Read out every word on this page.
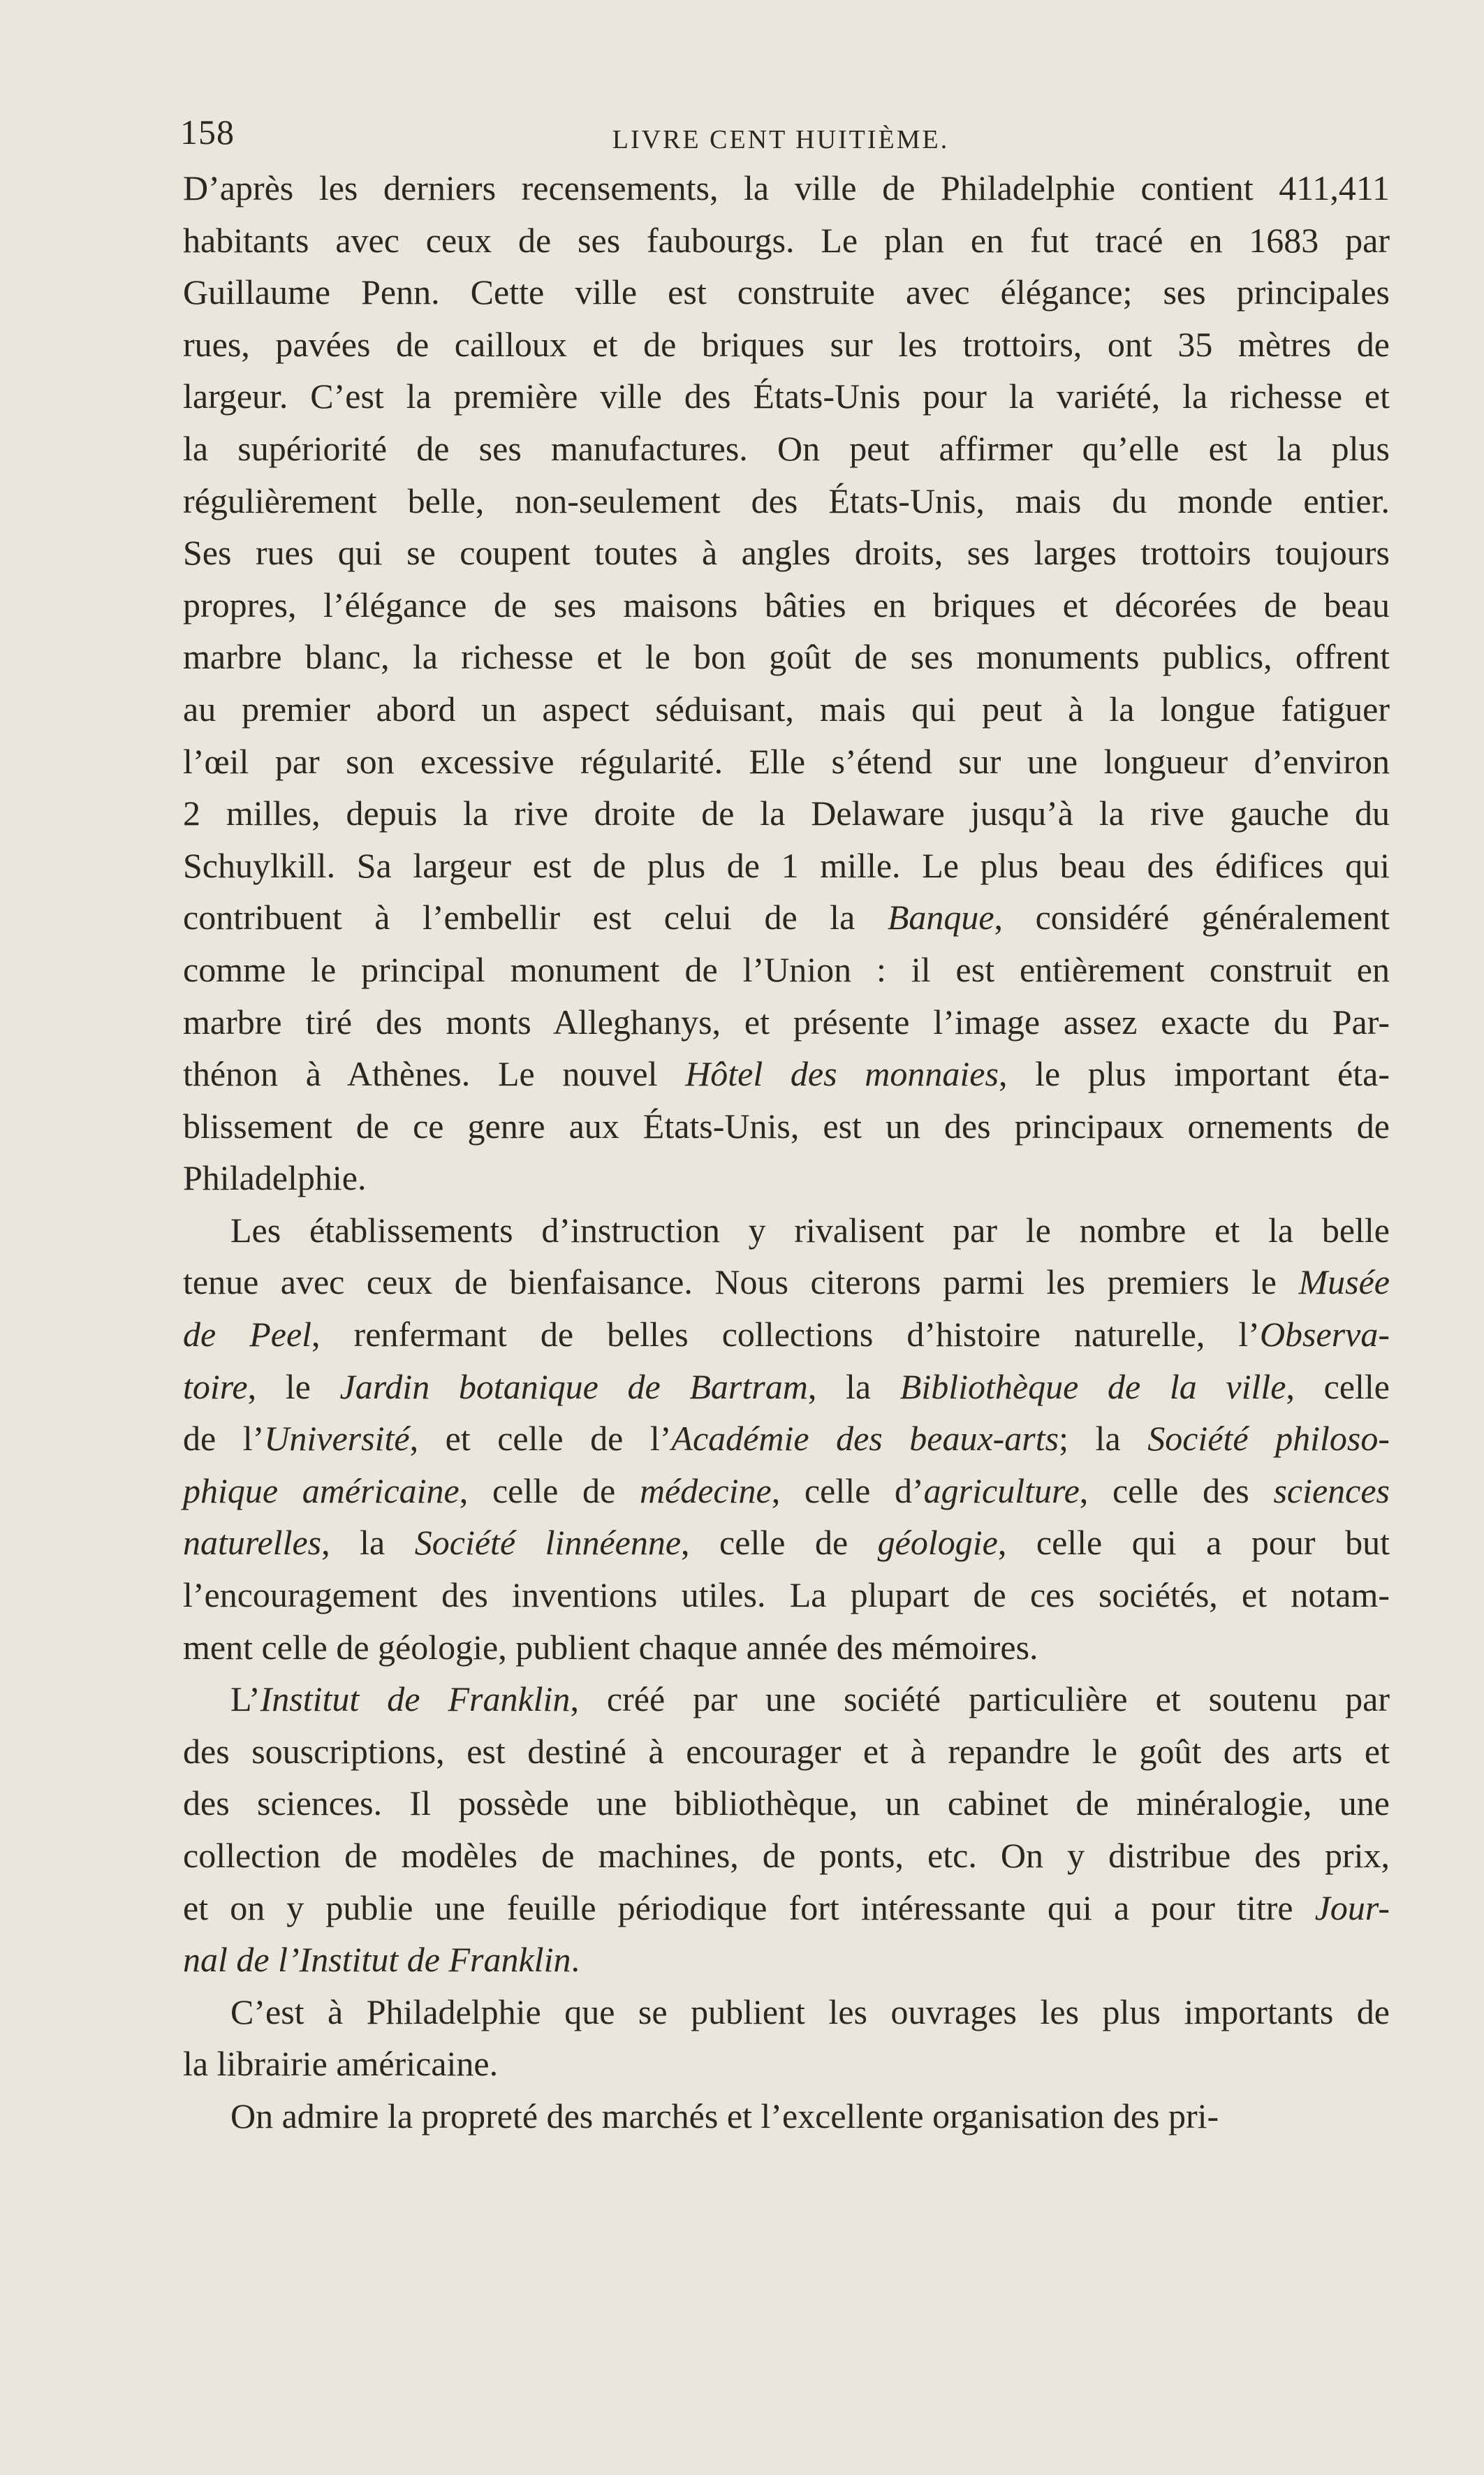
158	LIVRE CENT HUITIÈME.

D’après les derniers recensements, la ville de Philadelphie contient 411,411
habitants avec ceux de ses faubourgs. Le plan en fut tracé en 1683 par
Guillaume Penn. Cette ville est construite avec élégance; ses principales
rues, pavées de cailloux et de briques sur les trottoirs, ont 35 mètres de
largeur. C’est la première ville des États-Unis pour la variété, la richesse et
la supériorité de ses manufactures. On peut affirmer qu’elle est la plus
régulièrement belle, non-seulement des États-Unis, mais du monde entier.
Ses rues qui se coupent toutes à angles droits, ses larges trottoirs toujours
propres, l’élégance de ses maisons bâties en briques et décorées de beau
marbre blanc, la richesse et le bon goût de ses monuments publics, offrent
au premier abord un aspect séduisant, mais qui peut à la longue fatiguer
l’œil par son excessive régularité. Elle s’étend sur une longueur d’environ
2 milles, depuis la rive droite de la Delaware jusqu’à la rive gauche du
Schuylkill. Sa largeur est de plus de 1 mille. Le plus beau des édifices qui
contribuent à l’embellir est celui de la Banque, considéré généralement
comme le principal monument de l’Union : il est entièrement construit en
marbre tiré des monts Alleghanys, et présente l’image assez exacte du Par-
thénon à Athènes. Le nouvel Hôtel des monnaies, le plus important éta-
blissement de ce genre aux États-Unis, est un des principaux ornements de
Philadelphie.

Les établissements d’instruction y rivalisent par le nombre et la belle
tenue avec ceux de bienfaisance. Nous citerons parmi les premiers le Musée
de Peel, renfermant de belles collections d’histoire naturelle, l’Observa-
toire, le Jardin botanique de Bartram, la Bibliothèque de la ville, celle
de l’Université, et celle de l’Académie des beaux-arts; la Société philoso-
phique américaine, celle de médecine, celle d’agriculture, celle des sciences
naturelles, la Société linnéenne, celle de géologie, celle qui a pour but
l’encouragement des inventions utiles. La plupart de ces sociétés, et notam-
ment celle de géologie, publient chaque année des mémoires.

L’Institut de Franklin, créé par une société particulière et soutenu par
des souscriptions, est destiné à encourager et à repandre le goût des arts et
des sciences. Il possède une bibliothèque, un cabinet de minéralogie, une
collection de modèles de machines, de ponts, etc. On y distribue des prix,
et on y publie une feuille périodique fort intéressante qui a pour titre Jour-
nal de l’Institut de Franklin.

C’est à Philadelphie que se publient les ouvrages les plus importants de
la librairie américaine.

On admire la propreté des marchés et l’excellente organisation des pri-
